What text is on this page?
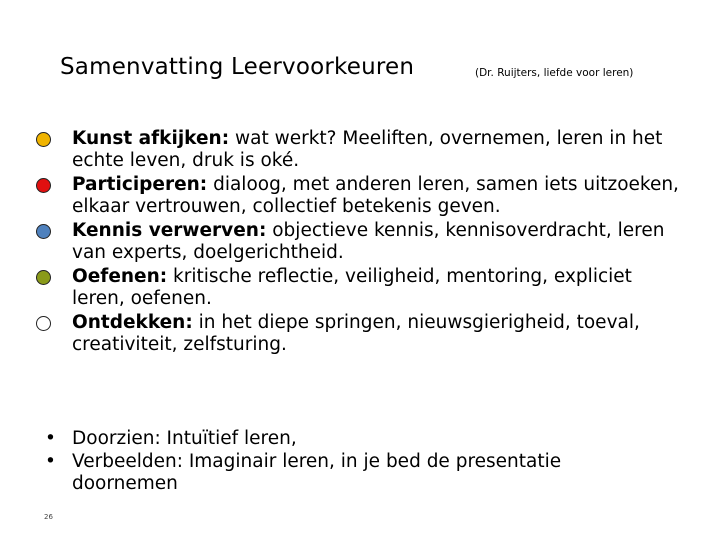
Samenvatting Leervoorkeuren	(Dr. Ruijters, liefde voor leren)
Kunst afkijken: wat werkt? Meeliften, overnemen, leren in het echte leven, druk is oké.
Participeren: dialoog, met anderen leren, samen iets uitzoeken, elkaar vertrouwen, collectief betekenis geven.
Kennis verwerven: objectieve kennis, kennisoverdracht, leren van experts, doelgerichtheid.
Oefenen: kritische reflectie, veiligheid, mentoring, expliciet leren, oefenen.
Ontdekken: in het diepe springen, nieuwsgierigheid, toeval, creativiteit, zelfsturing.
• Doorzien: Intuïtief leren,
• Verbeelden: Imaginair leren, in je bed de presentatie doornemen
26
